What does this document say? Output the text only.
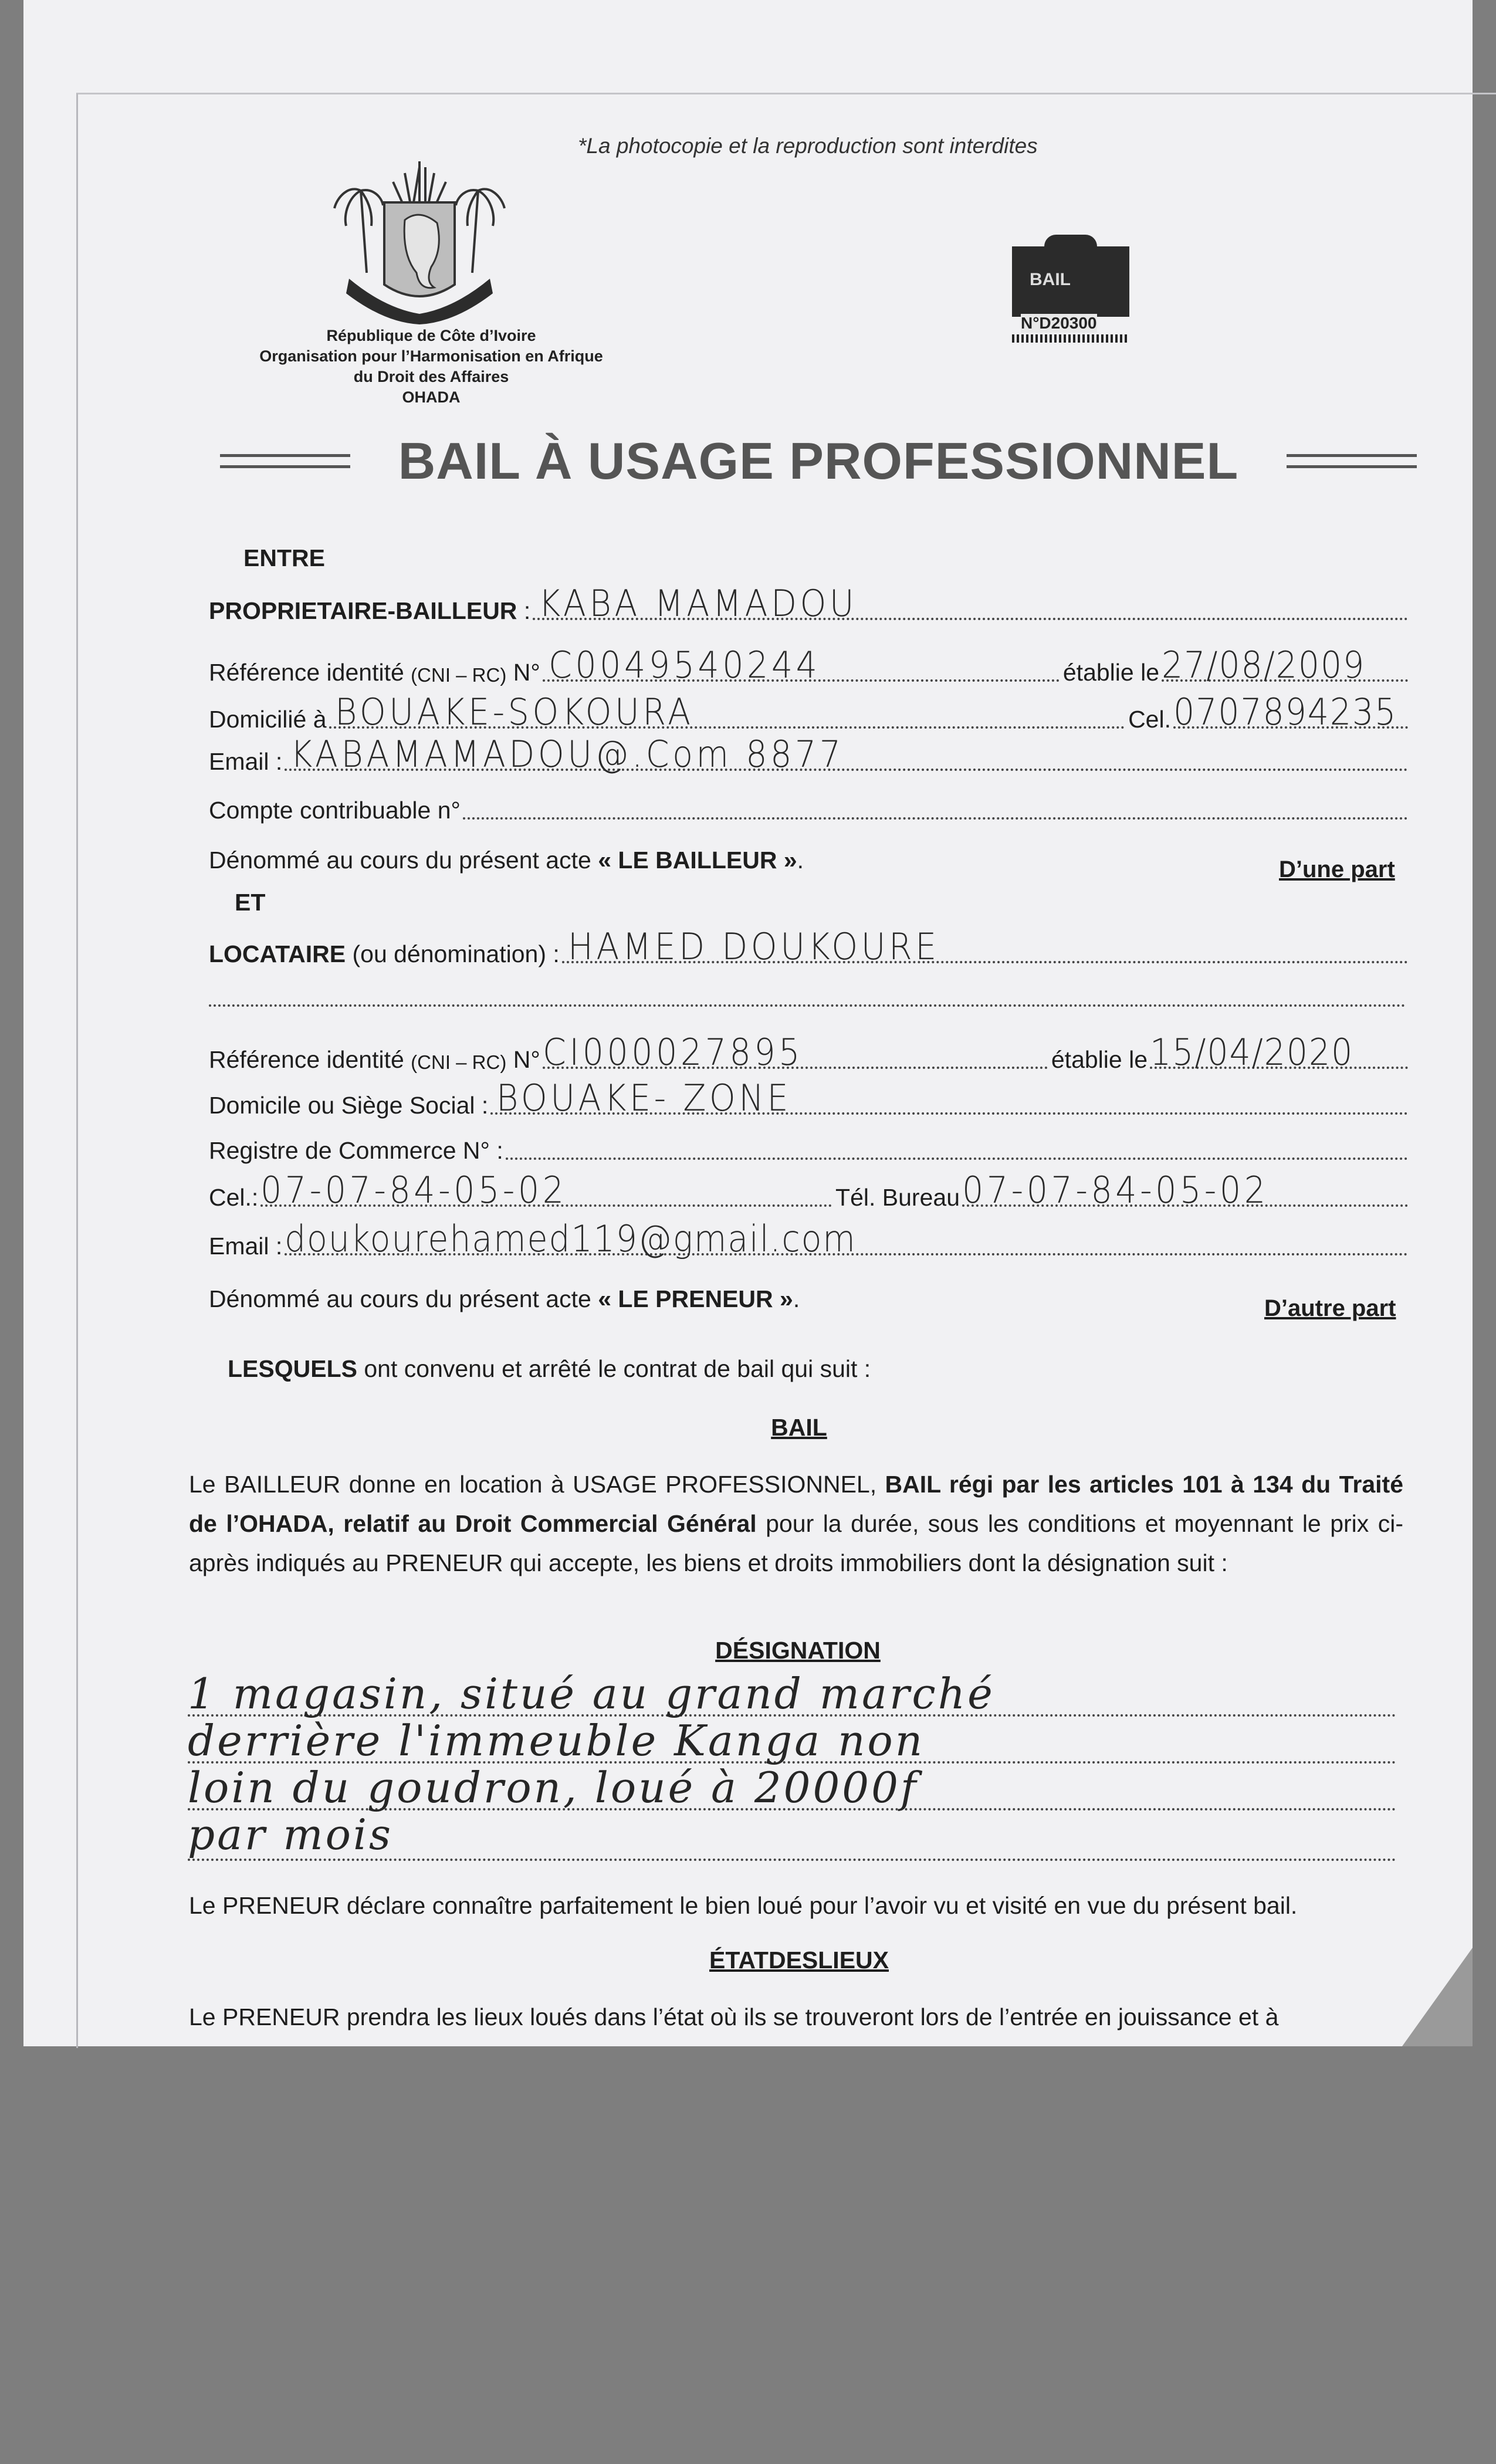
*La photocopie et la reproduction sont interdites
République de Côte d’Ivoire
Organisation pour l’Harmonisation en Afrique
du Droit des Affaires
OHADA
BAIL
N°D20300
BAIL À USAGE PROFESSIONNEL
ENTRE
PROPRIETAIRE-BAILLEUR : KABA MAMADOU
Référence identité
(CNI – RC)
N° C0049540244	établie le 27/08/2009
Domicilié à BOUAKE-SOKOURA	Cel. 0707894235
Email : KABAMAMADOU@.Com 8877
Compte contribuable n°
Dénommé au cours du présent acte
« LE BAILLEUR » .	D’une part
ET
LOCATAIRE
(ou dénomination) : HAMED DOUKOURE
Référence identité
(CNI – RC)
N° CI000027895	établie le 15/04/2020
Domicile ou Siège Social : BOUAKE- ZONE
Registre de Commerce N° :
Cel.: 07-07-84-05-02	Tél. Bureau 07-07-84-05-02
Email : doukourehamed119@gmail.com
Dénommé au cours du présent acte
« LE PRENEUR » .	D’autre part
LESQUELS ont convenu et arrêté le contrat de bail qui suit :
BAIL
Le BAILLEUR donne en location à USAGE PROFESSIONNEL, BAIL régi par les articles 101 à 134 du Traité de l’OHADA, relatif au Droit Commercial Général pour la durée, sous les conditions et moyennant le prix ci-après indiqués au PRENEUR qui accepte, les biens et droits immobiliers dont la désignation suit :
DÉSIGNATION
1 magasin, situé au grand marché
derrière l'immeuble Kanga non
loin du goudron, loué à 20000f
par mois
Le PRENEUR déclare connaître parfaitement le bien loué pour l’avoir vu et visité en vue du présent bail.
ÉTATDESLIEUX
Le PRENEUR prendra les lieux loués dans l’état où ils se trouveront lors de l’entrée en jouissance et à
